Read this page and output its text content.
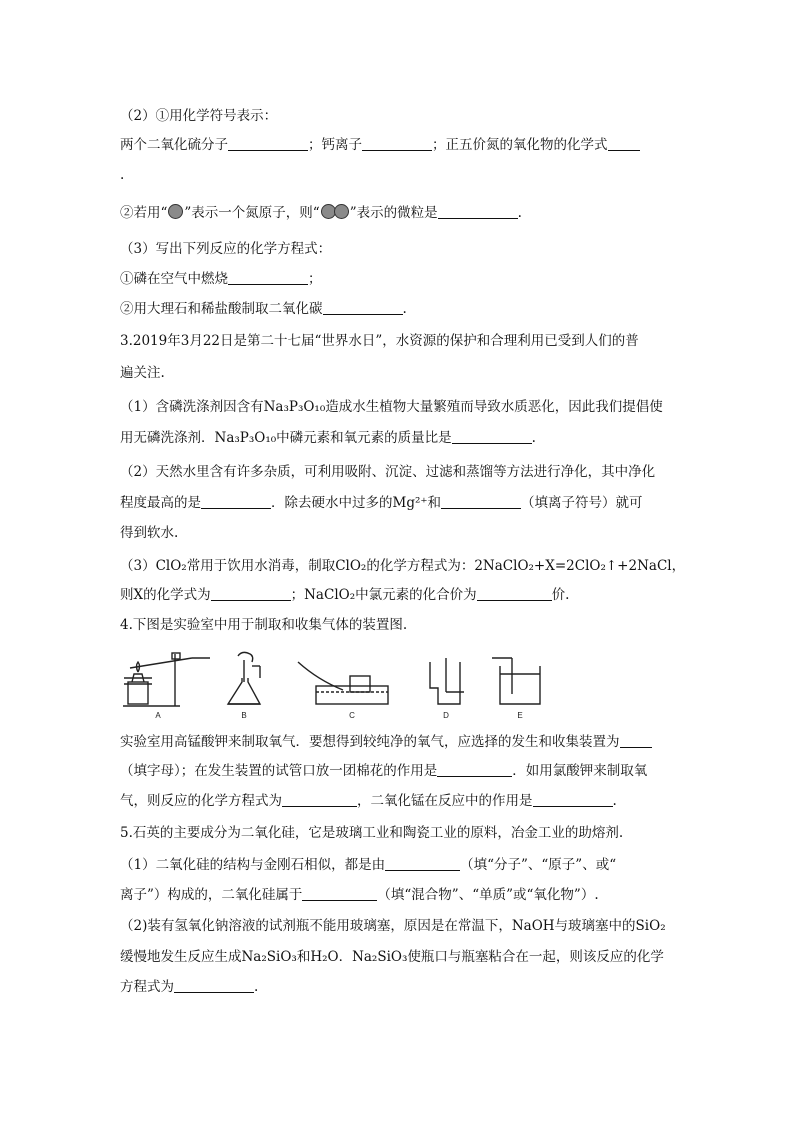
（2）①用化学符号表示：
两个二氧化硫分子	；钙离子	；正五价氮的氧化物的化学式
.
②若用“ ”表示一个氮原子，则“ ”表示的微粒是	.
（3）写出下列反应的化学方程式：
①磷在空气中燃烧	；
②用大理石和稀盐酸制取二氧化碳	.
3.2019年3月22日是第二十七届“世界水日”，水资源的保护和合理利用已受到人们的普
遍关注.
（1）含磷洗涤剂因含有Na₃P₃O₁₀造成水生植物大量繁殖而导致水质恶化，因此我们提倡使
用无磷洗涤剂．Na₃P₃O₁₀中磷元素和氧元素的质量比是	.
（2）天然水里含有许多杂质，可利用吸附、沉淀、过滤和蒸馏等方法进行净化，其中净化
程度最高的是	．除去硬水中过多的Mg²⁺和	（填离子符号）就可
得到软水.
（3）ClO₂常用于饮用水消毒，制取ClO₂的化学方程式为：2NaClO₂+X=2ClO₂↑+2NaCl，
则X的化学式为	；NaClO₂中氯元素的化合价为	价.
4.下图是实验室中用于制取和收集气体的装置图.
A	B	C	D	E
实验室用高锰酸钾来制取氧气．要想得到较纯净的氧气，应选择的发生和收集装置为
（填字母）；在发生装置的试管口放一团棉花的作用是	．如用氯酸钾来制取氧
气，则反应的化学方程式为	，二氧化锰在反应中的作用是	.
5.石英的主要成分为二氧化硅，它是玻璃工业和陶瓷工业的原料，冶金工业的助熔剂.
（1）二氧化硅的结构与金刚石相似，都是由	（填“分子”、“原子”、或“
离子”）构成的，二氧化硅属于	（填“混合物”、“单质”或“氧化物”）.
（2)装有氢氧化钠溶液的试剂瓶不能用玻璃塞，原因是在常温下，NaOH与玻璃塞中的SiO₂
缓慢地发生反应生成Na₂SiO₃和H₂O．Na₂SiO₃使瓶口与瓶塞粘合在一起，则该反应的化学
方程式为	.
